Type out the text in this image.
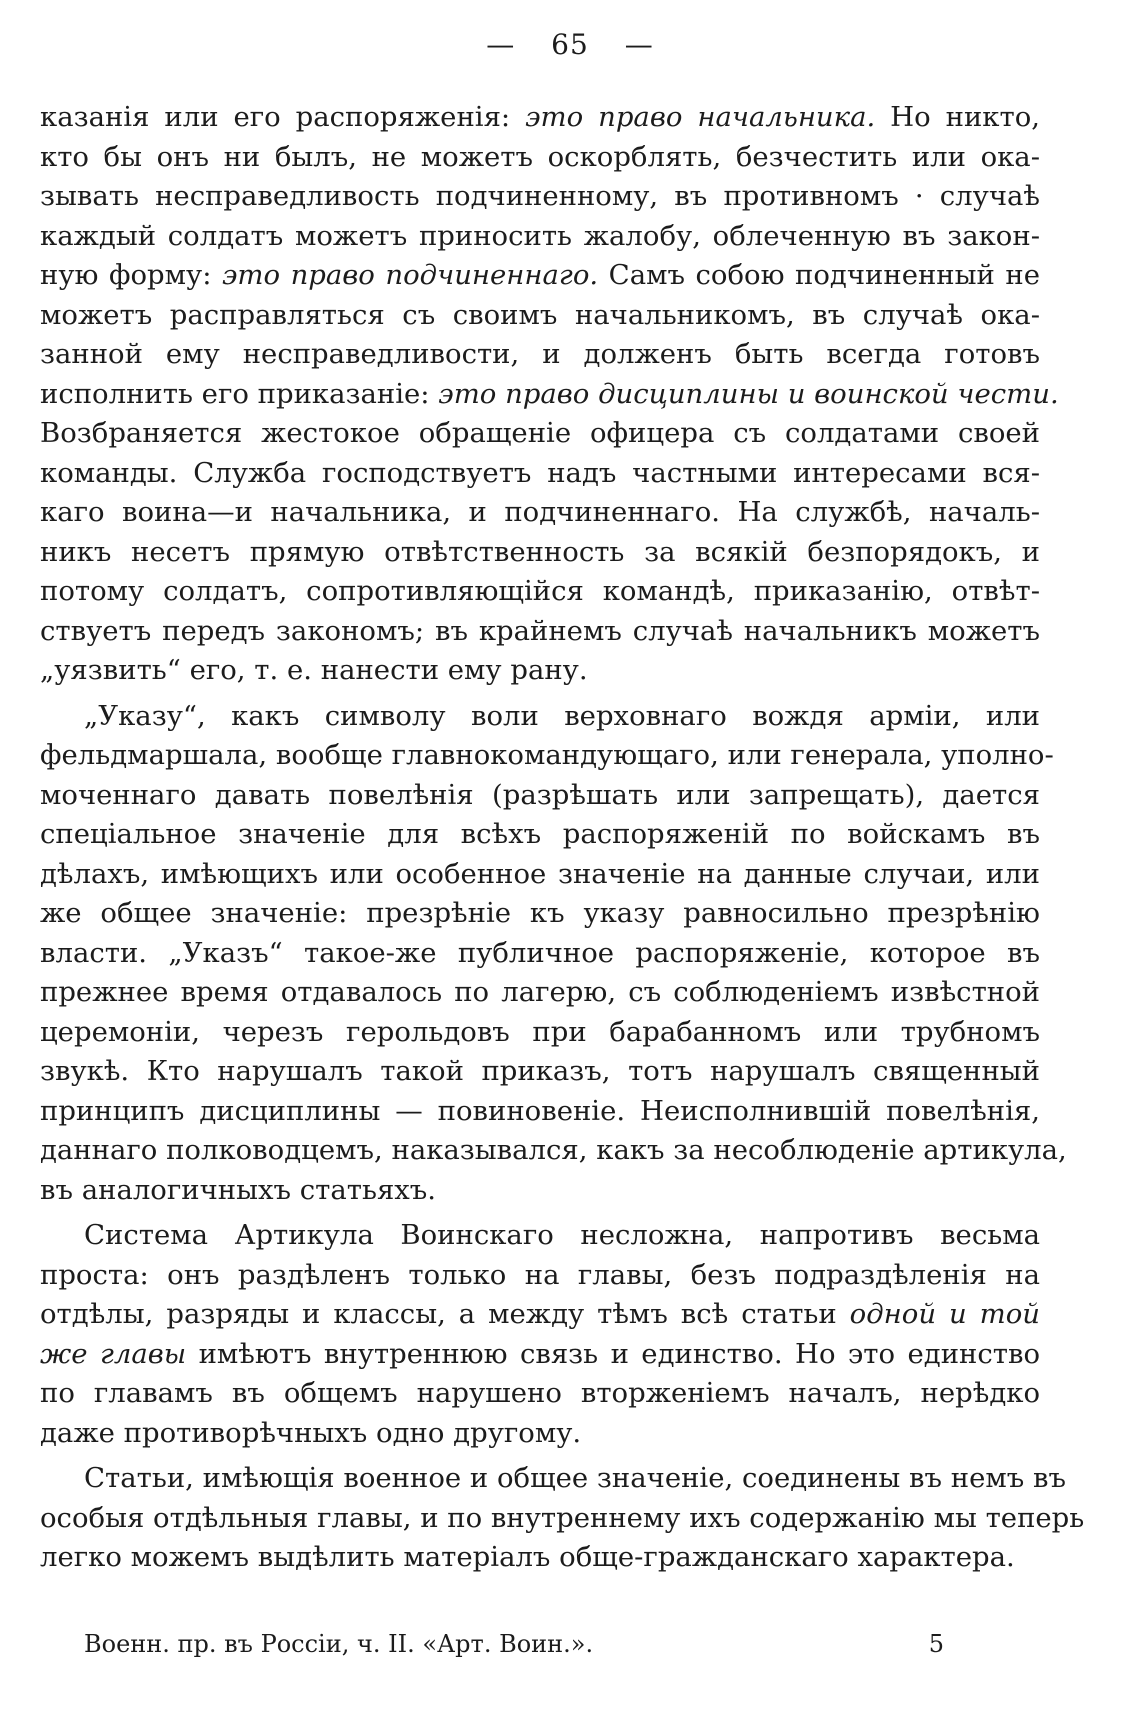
— 65 —
казанія или его распоряженія: это право начальника. Но никто,
кто бы онъ ни былъ, не можетъ оскорблять, безчестить или ока-
зывать несправедливость подчиненному, въ противномъ · случаѣ
каждый солдатъ можетъ приносить жалобу, облеченную въ закон-
ную форму: это право подчиненнаго. Самъ собою подчиненный не
можетъ расправляться съ своимъ начальникомъ, въ случаѣ ока-
занной ему несправедливости, и долженъ быть всегда готовъ
исполнить его приказаніе: это право дисциплины и воинской чести.
Возбраняется жестокое обращеніе офицера съ солдатами своей
команды. Служба господствуетъ надъ частными интересами вся-
каго воина—и начальника, и подчиненнаго. На службѣ, началь-
никъ несетъ прямую отвѣтственность за всякій безпорядокъ, и
потому солдатъ, сопротивляющійся командѣ, приказанію, отвѣт-
ствуетъ передъ закономъ; въ крайнемъ случаѣ начальникъ можетъ
„уязвить“ его, т. е. нанести ему рану.
„Указу“, какъ символу воли верховнаго вождя арміи, или
фельдмаршала, вообще главнокомандующаго, или генерала, уполно-
моченнаго давать повелѣнія (разрѣшать или запрещать), дается
спеціальное значеніе для всѣхъ распоряженій по войскамъ въ
дѣлахъ, имѣющихъ или особенное значеніе на данные случаи, или
же общее значеніе: презрѣніе къ указу равносильно презрѣнію
власти. „Указъ“ такое-же публичное распоряженіе, которое въ
прежнее время отдавалось по лагерю, съ соблюденіемъ извѣстной
церемоніи, черезъ герольдовъ при барабанномъ или трубномъ
звукѣ. Кто нарушалъ такой приказъ, тотъ нарушалъ священный
принципъ дисциплины — повиновеніе. Неисполнившій повелѣнія,
даннаго полководцемъ, наказывался, какъ за несоблюденіе артикула,
въ аналогичныхъ статьяхъ.
Система Артикула Воинскаго несложна, напротивъ весьма
проста: онъ раздѣленъ только на главы, безъ подраздѣленія на
отдѣлы, разряды и классы, а между тѣмъ всѣ статьи одной и той
же главы имѣютъ внутреннюю связь и единство. Но это единство
по главамъ въ общемъ нарушено вторженіемъ началъ, нерѣдко
даже противорѣчныхъ одно другому.
Статьи, имѣющія военное и общее значеніе, соединены въ немъ въ
особыя отдѣльныя главы, и по внутреннему ихъ содержанію мы теперь
легко можемъ выдѣлить матеріалъ обще-гражданскаго характера.
Военн. пр. въ Россіи, ч. II. «Арт. Воин.».	5
